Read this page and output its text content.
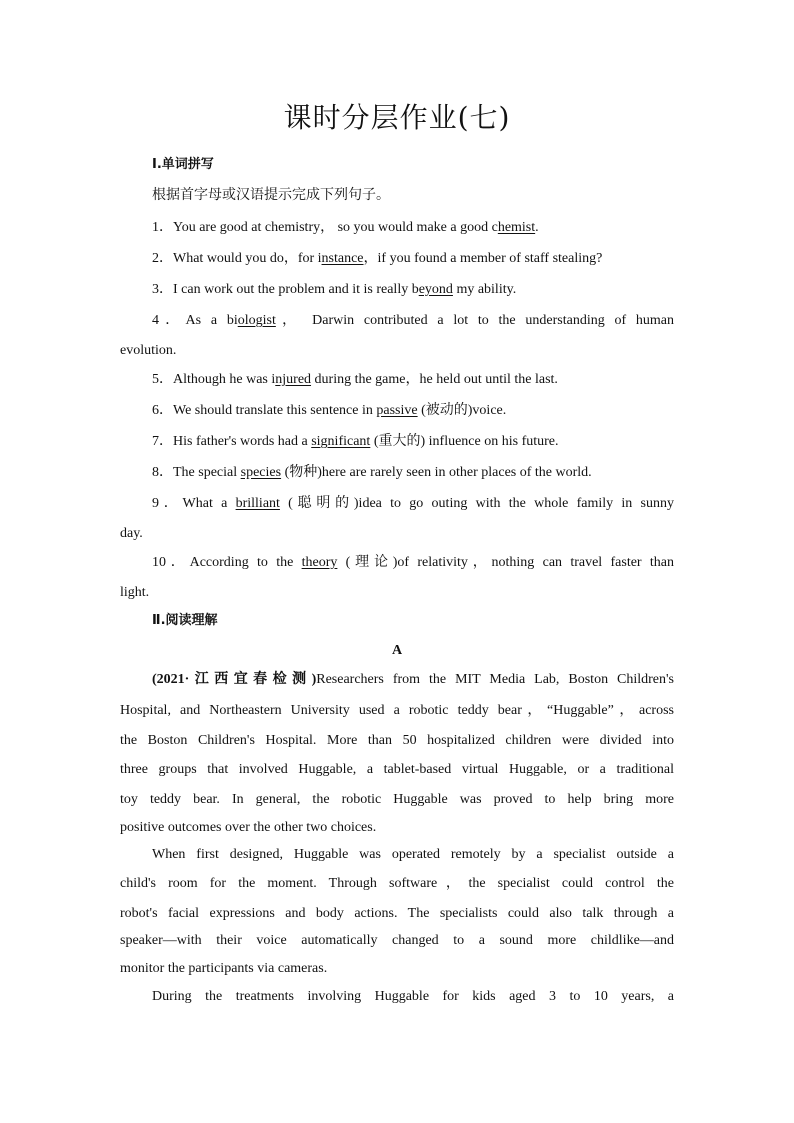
课时分层作业(七)
Ⅰ.单词拼写
根据首字母或汉语提示完成下列句子。
1．You are good at chemistry， so you would make a good chemist.
2．What would you do，for instance，if you found a member of staff stealing?
3．I can work out the problem and it is really beyond my ability.
4．As a biologist， Darwin contributed a lot to the understanding of human
evolution.
5．Although he was injured during the game，he held out until the last.
6．We should translate this sentence in passive (被动的)voice.
7．His father's words had a significant (重大的) influence on his future.
8．The special species (物种)here are rarely seen in other places of the world.
9．What a brilliant (聪明的)idea to go outing with the whole family in sunny
day.
10．According to the theory (理论)of relativity，nothing can travel faster than
light.
Ⅱ.阅读理解
A
(2021·江西宜春检测)Researchers from the MIT Media Lab, Boston Children's
Hospital, and Northeastern University used a robotic teddy bear，“Huggable”，across
the Boston Children's Hospital. More than 50 hospitalized children were divided into
three groups that involved Huggable, a tablet-based virtual Huggable, or a traditional
toy teddy bear. In general, the robotic Huggable was proved to help bring more
positive outcomes over the other two choices.
When first designed, Huggable was operated remotely by a specialist outside a
child's room for the moment. Through software，the specialist could control the
robot's facial expressions and body actions. The specialists could also talk through a
speaker—with their voice automatically changed to a sound more childlike—and
monitor the participants via cameras.
During the treatments involving Huggable for kids aged 3 to 10 years, a
